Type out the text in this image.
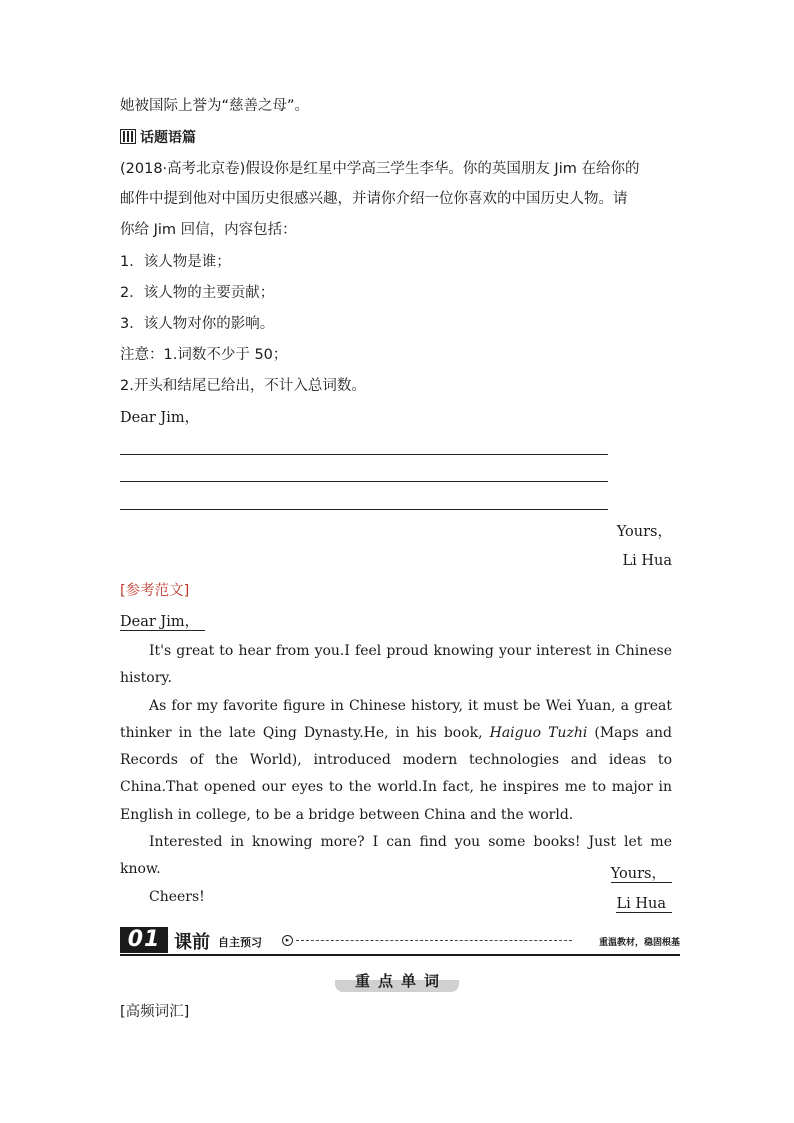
她被国际上誉为“慈善之母”。
话题语篇
(2018·高考北京卷)假设你是红星中学高三学生李华。你的英国朋友 Jim 在给你的
邮件中提到他对中国历史很感兴趣，并请你介绍一位你喜欢的中国历史人物。请
你给 Jim 回信，内容包括：
1．该人物是谁；
2．该人物的主要贡献；
3．该人物对你的影响。
注意：1.词数不少于 50；
2.开头和结尾已给出，不计入总词数。
Dear Jim，
Yours，
Li Hua
[参考范文]
Dear Jim，

It's great to hear from you.I feel proud knowing your interest in Chinese history.

As for my favorite figure in Chinese history, it must be Wei Yuan, a great thinker in the late Qing Dynasty.He, in his book, Haiguo Tuzhi (Maps and Records of the World), introduced modern technologies and ideas to China.That opened our eyes to the world.In fact, he inspires me to major in English in college, to be a bridge between China and the world.

Interested in knowing more? I can find you some books! Just let me know.

Cheers!

Yours，
Li Hua
01 课前 自主预习	▸	重温教材，稳固根基
重点单词
[高频词汇]
